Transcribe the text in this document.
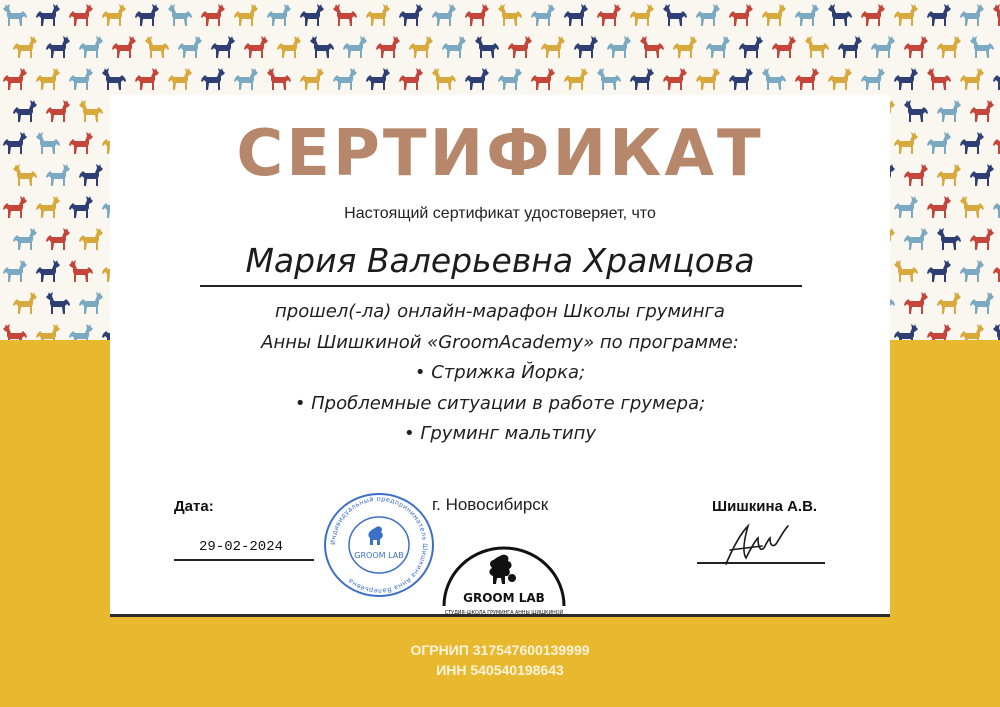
СЕРТИФИКАТ
Настоящий сертификат удостоверяет, что
Мария Валерьевна Храмцова
прошел(-ла) онлайн-марафон Школы груминга
Анны Шишкиной «GroomAcademy» по программе:
• Стрижка Йорка;
• Проблемные ситуации в работе грумера;
• Груминг мальтипу
Дата:
29-02-2024
г. Новосибирск	Шишкина А.В.
Индивидуальный предприниматель Шишкина Анна Валерьевна
GROOM LAB
GROOM LAB
СТУДИЯ-ШКОЛА ГРУМИНГА АННЫ ШИШКИНОЙ
ОГРНИП 317547600139999
ИНН 540540198643
